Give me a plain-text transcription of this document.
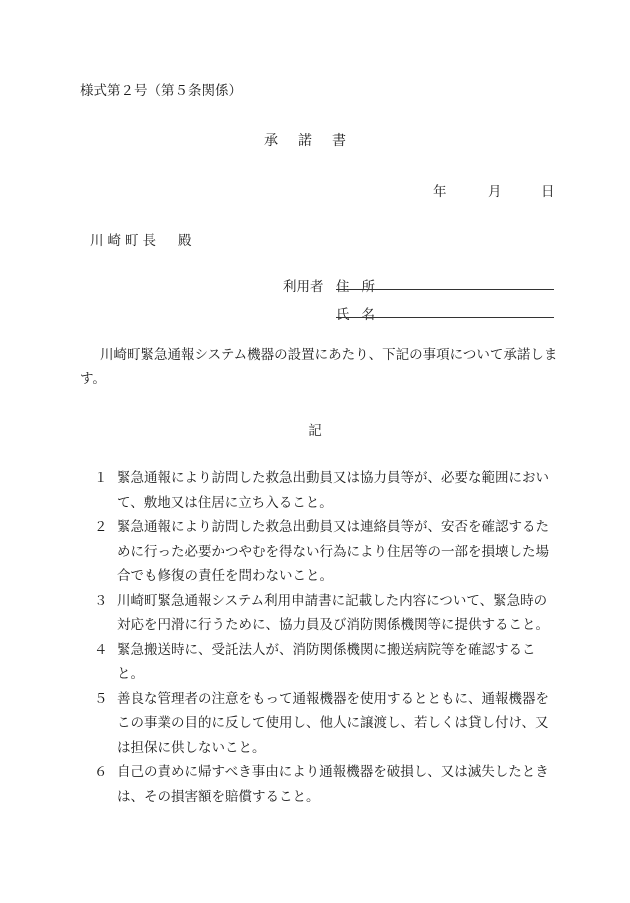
様式第２号（第５条関係）
承諾書
年	月	日
川崎町長 殿
利用者 住所
氏名
川崎町緊急通報システム機器の設置にあたり、下記の事項について承諾します。
記
１ 緊急通報により訪問した救急出動員又は協力員等が、必要な範囲において、敷地又は住居に立ち入ること。
２ 緊急通報により訪問した救急出動員又は連絡員等が、安否を確認するために行った必要かつやむを得ない行為により住居等の一部を損壊した場合でも修復の責任を問わないこと。
３ 川崎町緊急通報システム利用申請書に記載した内容について、緊急時の対応を円滑に行うために、協力員及び消防関係機関等に提供すること。
４ 緊急搬送時に、受託法人が、消防関係機関に搬送病院等を確認すること。
５ 善良な管理者の注意をもって通報機器を使用するとともに、通報機器をこの事業の目的に反して使用し、他人に譲渡し、若しくは貸し付け、又は担保に供しないこと。
６ 自己の責めに帰すべき事由により通報機器を破損し、又は滅失したときは、その損害額を賠償すること。
